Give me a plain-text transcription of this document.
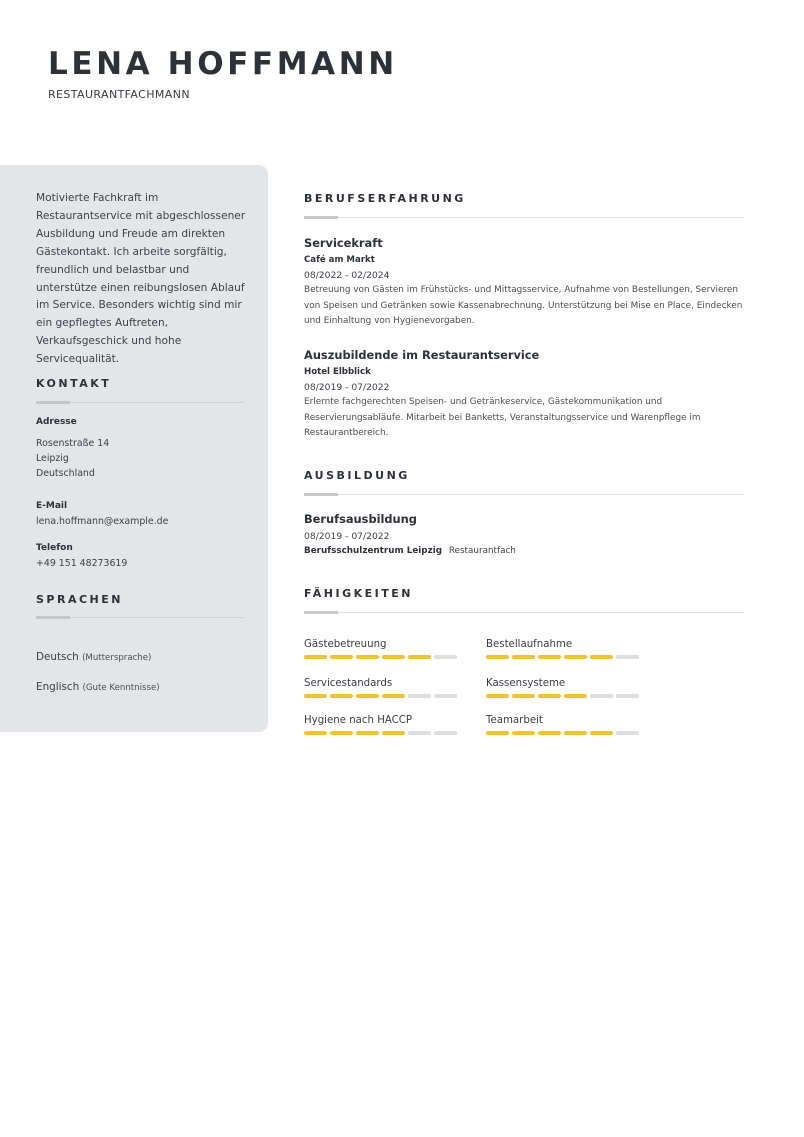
LENA HOFFMANN
RESTAURANTFACHMANN

Motivierte Fachkraft im Restaurantservice mit abgeschlossener Ausbildung und Freude am direkten Gästekontakt. Ich arbeite sorgfältig, freundlich und belastbar und unterstütze einen reibungslosen Ablauf im Service. Besonders wichtig sind mir ein gepflegtes Auftreten, Verkaufsgeschick und hohe Servicequalität.

KONTAKT
Adresse
Rosenstraße 14
Leipzig
Deutschland
E-Mail
lena.hoffmann@example.de
Telefon
+49 151 48273619
SPRACHEN
Deutsch (Muttersprache)
Englisch (Gute Kenntnisse)
BERUFSERFAHRUNG
Servicekraft
Café am Markt
08/2022 - 02/2024

Betreuung von Gästen im Frühstücks- und Mittagsservice, Aufnahme von Bestellungen, Servieren von Speisen und Getränken sowie Kassenabrechnung. Unterstützung bei Mise en Place, Eindecken und Einhaltung von Hygienevorgaben.

Auszubildende im Restaurantservice
Hotel Elbblick
08/2019 - 07/2022

Erlernte fachgerechten Speisen- und Getränkeservice, Gästekommunikation und Reservierungsabläufe. Mitarbeit bei Banketts, Veranstaltungsservice und Warenpflege im Restaurantbereich.

AUSBILDUNG
Berufsausbildung
08/2019 - 07/2022
Berufsschulzentrum Leipzig Restaurantfach
FÄHIGKEITEN
Gästebetreuung	Bestellaufnahme
Servicestandards	Kassensysteme
Hygiene nach HACCP	Teamarbeit
